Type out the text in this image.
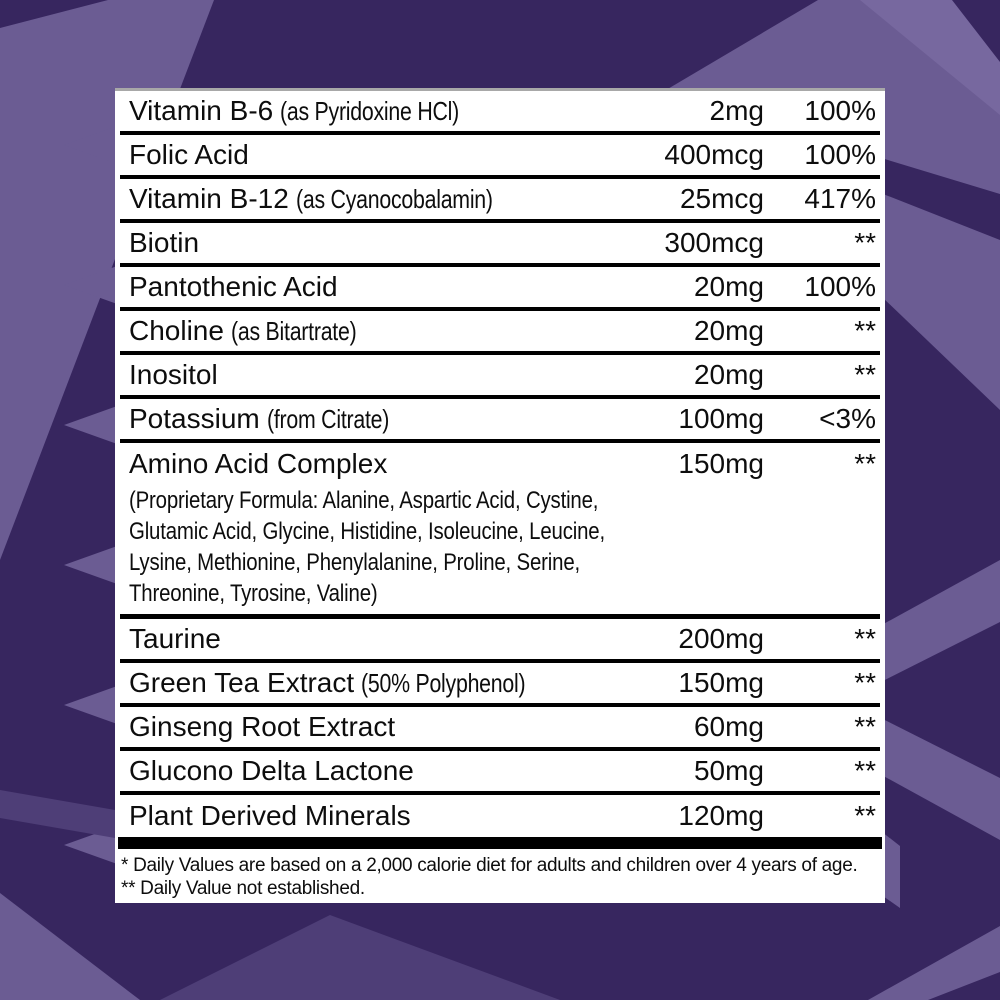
Vitamin B-6 (as Pyridoxine HCl)	2mg	100%
Folic Acid	400mcg	100%
Vitamin B-12 (as Cyanocobalamin)	25mcg	417%
Biotin	300mcg	**
Pantothenic Acid	20mg	100%
Choline (as Bitartrate)	20mg	**
Inositol	20mg	**
Potassium (from Citrate)	100mg	<3%
Amino Acid Complex	150mg	**
(Proprietary Formula: Alanine, Aspartic Acid, Cystine,
Glutamic Acid, Glycine, Histidine, Isoleucine, Leucine,
Lysine, Methionine, Phenylalanine, Proline, Serine,
Threonine, Tyrosine, Valine)
Taurine	200mg	**
Green Tea Extract (50% Polyphenol)	150mg	**
Ginseng Root Extract	60mg	**
Glucono Delta Lactone	50mg	**
Plant Derived Minerals	120mg	**
* Daily Values are based on a 2,000 calorie diet for adults and children over 4 years of age.
** Daily Value not established.
